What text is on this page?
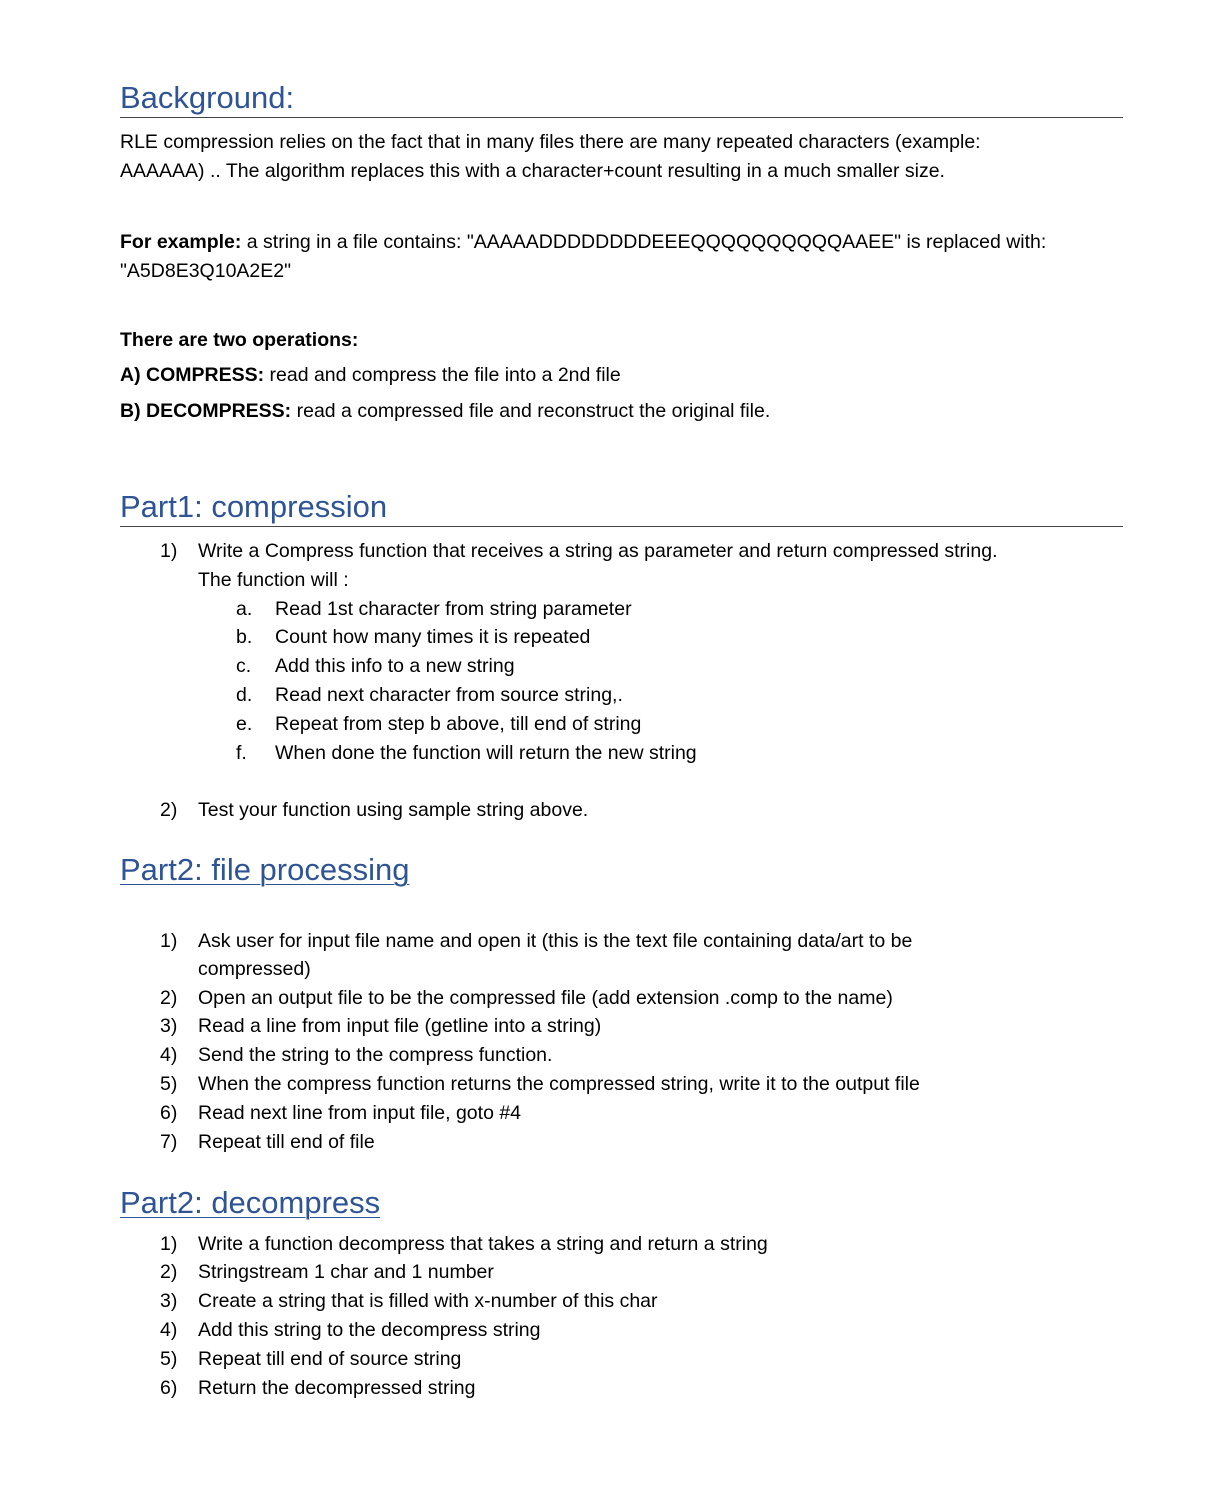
Background:
RLE compression relies on the fact that in many files there are many repeated characters (example:
AAAAAA) .. The algorithm replaces this with a character+count resulting in a much smaller size.
For example: a string in a file contains: "AAAAADDDDDDDDEEEQQQQQQQQQQAAEE" is replaced with:
"A5D8E3Q10A2E2"
There are two operations:
A) COMPRESS: read and compress the file into a 2nd file
B) DECOMPRESS: read a compressed file and reconstruct the original file.
Part1: compression
1)	Write a Compress function that receives a string as parameter and return compressed string.
The function will :
a.	Read 1st character from string parameter
b.	Count how many times it is repeated
c.	Add this info to a new string
d.	Read next character from source string,.
e.	Repeat from step b above, till end of string
f.	When done the function will return the new string
2)	Test your function using sample string above.
Part2: file processing
1)	Ask user for input file name and open it (this is the text file containing data/art to be
compressed)
2)	Open an output file to be the compressed file (add extension .comp to the name)
3)	Read a line from input file (getline into a string)
4)	Send the string to the compress function.
5)	When the compress function returns the compressed string, write it to the output file
6)	Read next line from input file, goto #4
7)	Repeat till end of file
Part2: decompress
1)	Write a function decompress that takes a string and return a string
2)	Stringstream 1 char and 1 number
3)	Create a string that is filled with x-number of this char
4)	Add this string to the decompress string
5)	Repeat till end of source string
6)	Return the decompressed string
